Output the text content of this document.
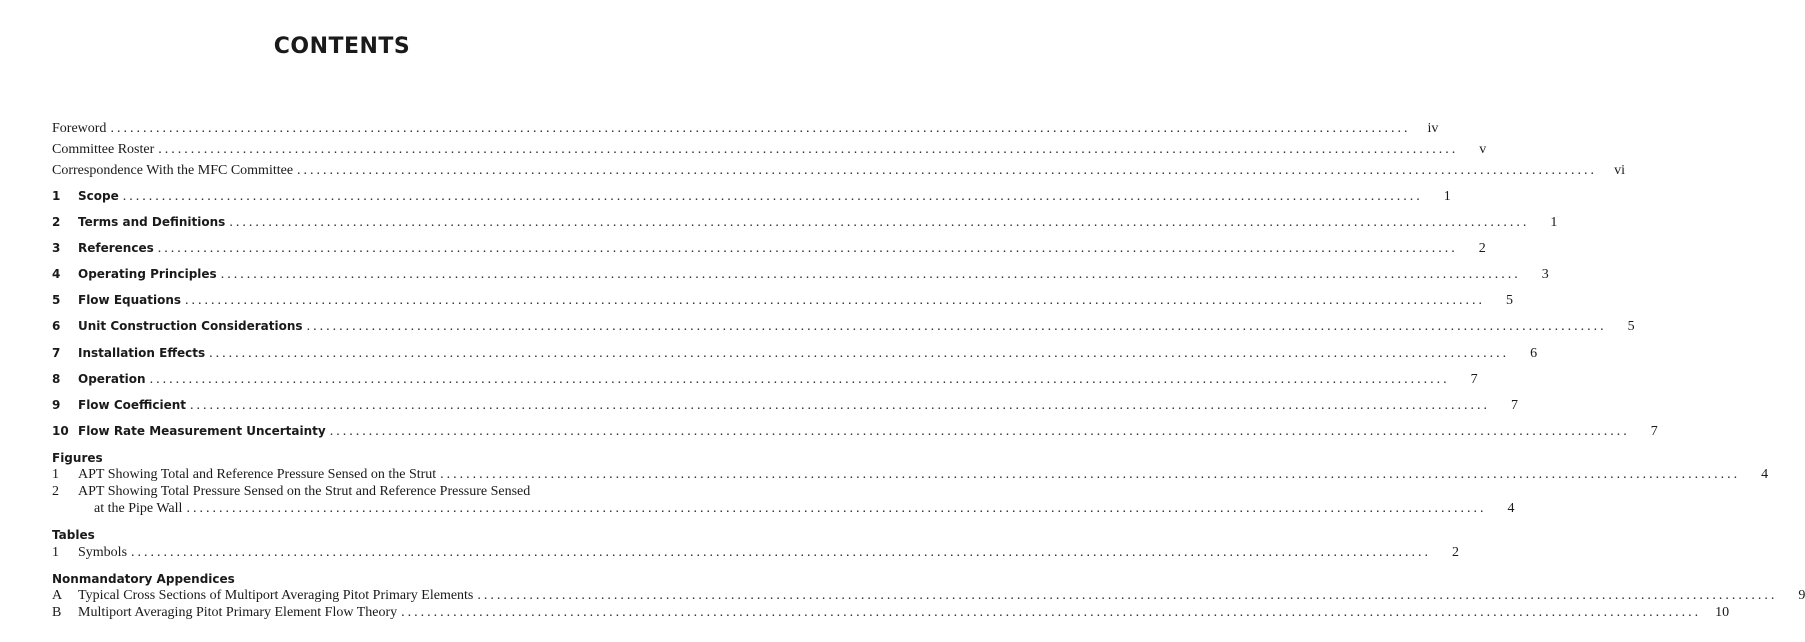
CONTENTS
Foreword ........................................................................................................................................................................................................	iv
Committee Roster ........................................................................................................................................................................................................	v
Correspondence With the MFC Committee ........................................................................................................................................................................................................	vi
1	Scope ........................................................................................................................................................................................................	1
2	Terms and Definitions ........................................................................................................................................................................................................	1
3	References ........................................................................................................................................................................................................	2
4	Operating Principles ........................................................................................................................................................................................................	3
5	Flow Equations ........................................................................................................................................................................................................	5
6	Unit Construction Considerations ........................................................................................................................................................................................................	5
7	Installation Effects ........................................................................................................................................................................................................	6
8	Operation ........................................................................................................................................................................................................	7
9	Flow Coefficient ........................................................................................................................................................................................................	7
10 Flow Rate Measurement Uncertainty ........................................................................................................................................................................................................	7
Figures
1	APT Showing Total and Reference Pressure Sensed on the Strut ........................................................................................................................................................................................................	4
2	APT Showing Total Pressure Sensed on the Strut and Reference Pressure Sensed
at the Pipe Wall ........................................................................................................................................................................................................	4
Tables
1	Symbols ........................................................................................................................................................................................................	2
Nonmandatory Appendices
A	Typical Cross Sections of Multiport Averaging Pitot Primary Elements ........................................................................................................................................................................................................	9
B	Multiport Averaging Pitot Primary Element Flow Theory ........................................................................................................................................................................................................	10
